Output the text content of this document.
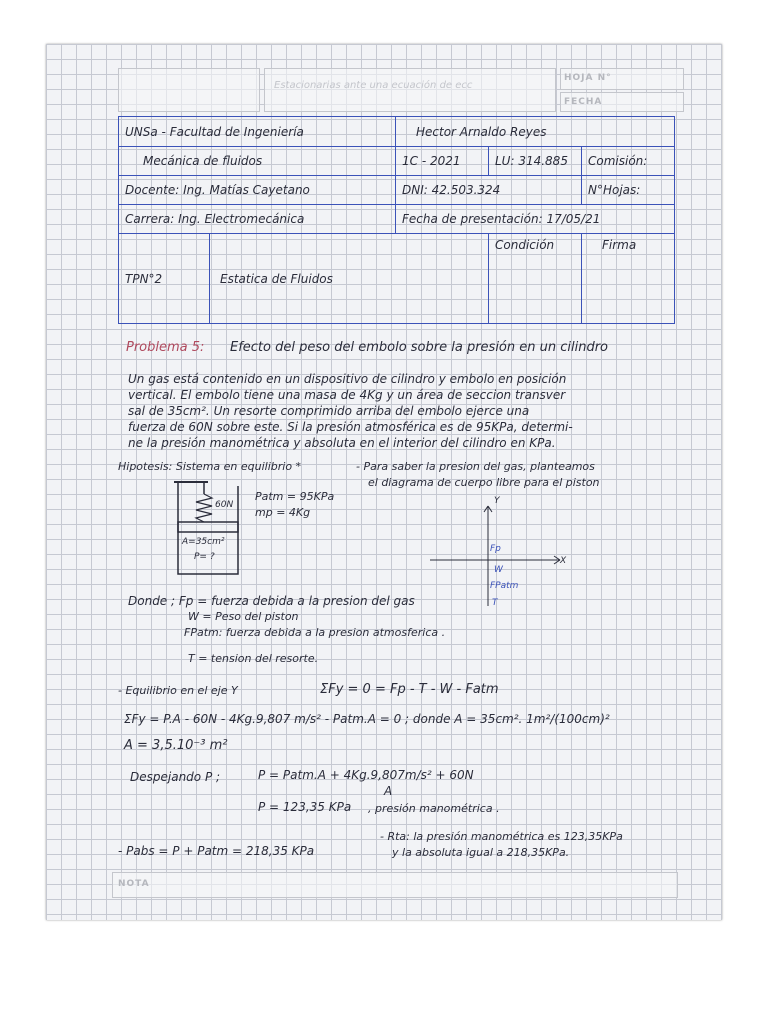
Estacionarias ante una ecuación de ecc
HOJA N°
FECHA
UNSa - Facultad de Ingeniería		Hector Arnaldo Reyes		
Mecánica de fluidos		1C - 2021	LU: 314.885	Comisión:
Docente: Ing. Matías Cayetano		DNI: 42.503.324		N°Hojas:
Carrera: Ing. Electromecánica		Fecha de presentación: 17/05/21		
TPN°2	Estatica de Fluidos		Condición	Firma
Problema 5: Efecto del peso del embolo sobre la presión en un cilindro
Un gas está contenido en un dispositivo de cilindro y embolo en posición
vertical. El embolo tiene una masa de 4Kg y un área de seccion transver
sal de 35cm². Un resorte comprimido arriba del embolo ejerce una
fuerza de 60N sobre este. Si la presión atmosférica es de 95KPa, determi-
ne la presión manométrica y absoluta en el interior del cilindro en KPa.
Hipotesis: Sistema en equilibrio *	- Para saber la presion del gas, planteamos
el diagrama de cuerpo libre para el piston
60N
A=35cm²
P= ?
Patm = 95KPa
mp = 4Kg
Y
X
Fp
W
FPatm
T
Donde ; Fp = fuerza debida a la presion del gas
W = Peso del piston
FPatm: fuerza debida a la presion atmosferica .
T = tension del resorte.
- Equilibrio en el eje Y	ΣFy = 0 = Fp - T - W - Fatm
ΣFy = P.A - 60N - 4Kg.9,807 m/s² - Patm.A = 0 ; donde A = 35cm². 1m²/(100cm)²
A = 3,5.10⁻³ m²
Despejando P ;	P = Patm.A + 4Kg.9,807m/s² + 60N
A
P = 123,35 KPa , presión manométrica .
- Pabs = P + Patm = 218,35 KPa
- Rta: la presión manométrica es 123,35KPa
y la absoluta igual a 218,35KPa.
NOTA
